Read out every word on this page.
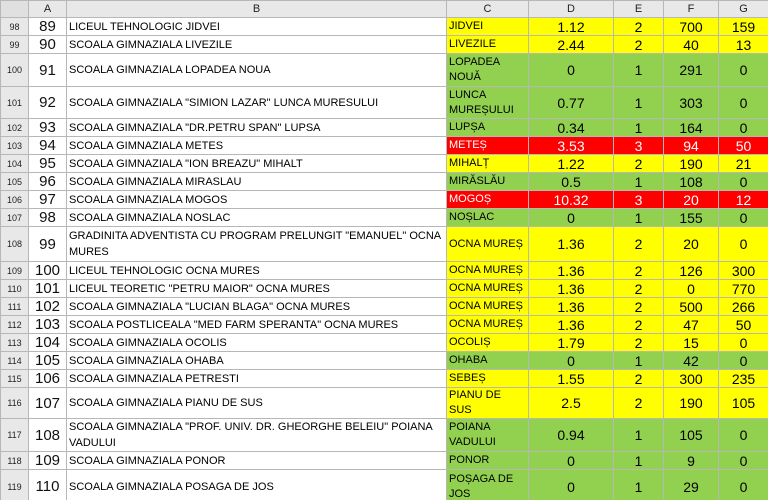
	A	B	C	D	E	F	G
98	89	LICEUL TEHNOLOGIC JIDVEI	JIDVEI	1.12	2	700	159
99	90	SCOALA GIMNAZIALA LIVEZILE	LIVEZILE	2.44	2	40	13
100	91	SCOALA GIMNAZIALA LOPADEA NOUA	LOPADEA NOUĂ	0	1	291	0
101	92	SCOALA GIMNAZIALA "SIMION LAZAR" LUNCA MURESULUI	LUNCA MUREȘULUI	0.77	1	303	0
102	93	SCOALA GIMNAZIALA "DR.PETRU SPAN" LUPSA	LUPȘA	0.34	1	164	0
103	94	SCOALA GIMNAZIALA METES	METEȘ	3.53	3	94	50
104	95	SCOALA GIMNAZIALA "ION BREAZU" MIHALT	MIHALȚ	1.22	2	190	21
105	96	SCOALA GIMNAZIALA MIRASLAU	MIRĂSLĂU	0.5	1	108	0
106	97	SCOALA GIMNAZIALA MOGOS	MOGOȘ	10.32	3	20	12
107	98	SCOALA GIMNAZIALA NOSLAC	NOȘLAC	0	1	155	0
108	99	GRADINITA ADVENTISTA CU PROGRAM PRELUNGIT "EMANUEL" OCNA MURES	OCNA MUREȘ	1.36	2	20	0
109	100	LICEUL TEHNOLOGIC OCNA MURES	OCNA MUREȘ	1.36	2	126	300
110	101	LICEUL TEORETIC "PETRU MAIOR" OCNA MURES	OCNA MUREȘ	1.36	2	0	770
111	102	SCOALA GIMNAZIALA "LUCIAN BLAGA" OCNA MURES	OCNA MUREȘ	1.36	2	500	266
112	103	SCOALA POSTLICEALA "MED FARM SPERANTA" OCNA MURES	OCNA MUREȘ	1.36	2	47	50
113	104	SCOALA GIMNAZIALA OCOLIS	OCOLIȘ	1.79	2	15	0
114	105	SCOALA GIMNAZIALA OHABA	OHABA	0	1	42	0
115	106	SCOALA GIMNAZIALA PETRESTI	SEBEȘ	1.55	2	300	235
116	107	SCOALA GIMNAZIALA PIANU DE SUS	PIANU DE SUS	2.5	2	190	105
117	108	SCOALA GIMNAZIALA "PROF. UNIV. DR. GHEORGHE BELEIU" POIANA VADULUI	POIANA VADULUI	0.94	1	105	0
118	109	SCOALA GIMNAZIALA PONOR	PONOR	0	1	9	0
119	110	SCOALA GIMNAZIALA POSAGA DE JOS	POȘAGA DE JOS	0	1	29	0
